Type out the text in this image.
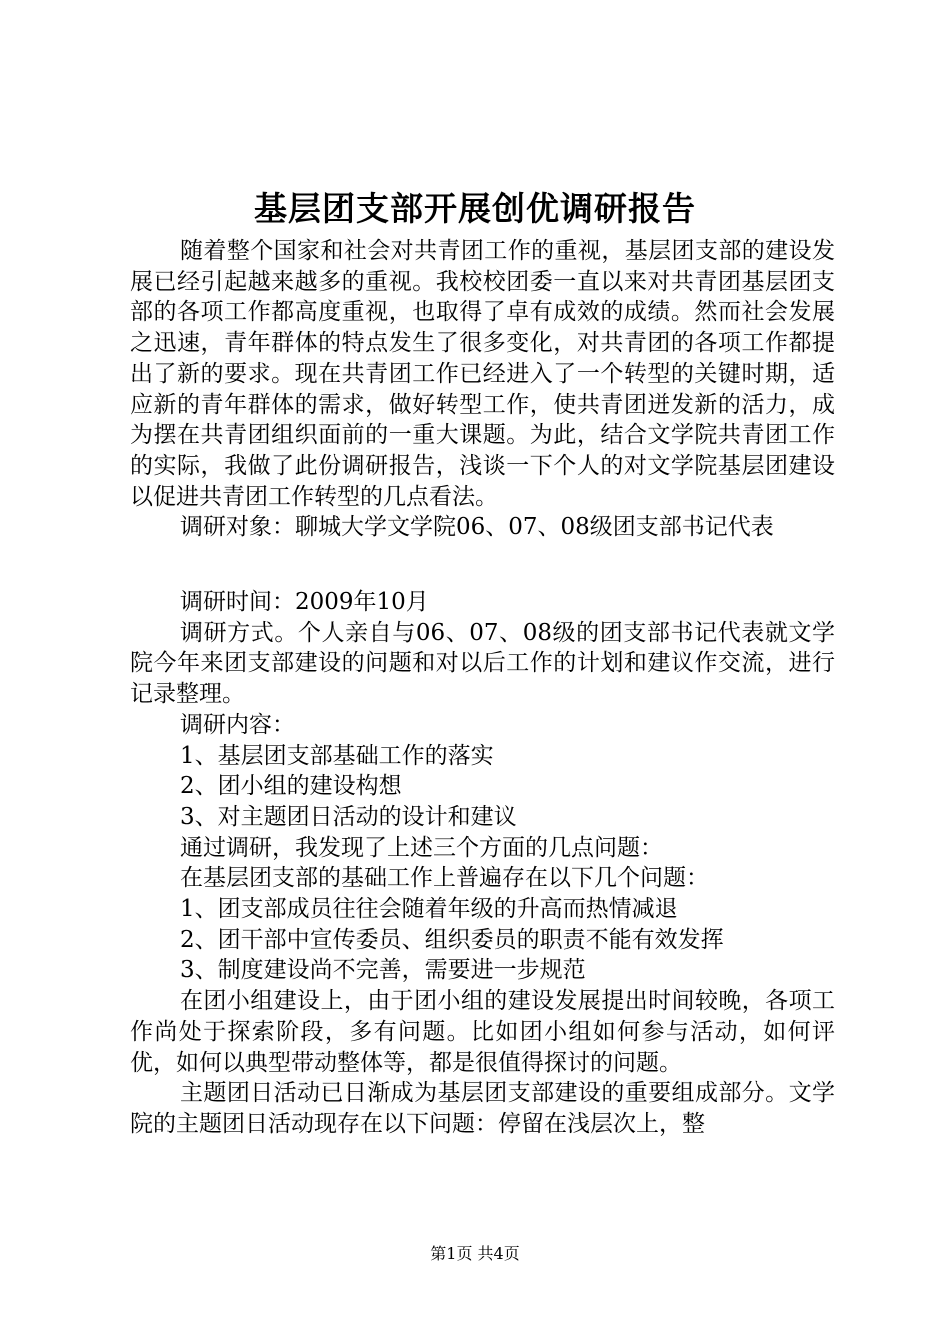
基层团支部开展创优调研报告

随着整个国家和社会对共青团工作的重视，基层团支部的建设发展已经引起越来越多的重视。我校校团委一直以来对共青团基层团支部的各项工作都高度重视，也取得了卓有成效的成绩。然而社会发展之迅速，青年群体的特点发生了很多变化，对共青团的各项工作都提出了新的要求。现在共青团工作已经进入了一个转型的关键时期，适应新的青年群体的需求，做好转型工作，使共青团迸发新的活力，成为摆在共青团组织面前的一重大课题。为此，结合文学院共青团工作的实际，我做了此份调研报告，浅谈一下个人的对文学院基层团建设以促进共青团工作转型的几点看法。

调研对象：聊城大学文学院06、07、08级团支部书记代表

调研时间：2009年10月

调研方式。个人亲自与06、07、08级的团支部书记代表就文学院今年来团支部建设的问题和对以后工作的计划和建议作交流，进行记录整理。

调研内容：

1、基层团支部基础工作的落实

2、团小组的建设构想

3、对主题团日活动的设计和建议

通过调研，我发现了上述三个方面的几点问题：

在基层团支部的基础工作上普遍存在以下几个问题：

1、团支部成员往往会随着年级的升高而热情减退

2、团干部中宣传委员、组织委员的职责不能有效发挥

3、制度建设尚不完善，需要进一步规范

在团小组建设上，由于团小组的建设发展提出时间较晚，各项工作尚处于探索阶段，多有问题。比如团小组如何参与活动，如何评优，如何以典型带动整体等，都是很值得探讨的问题。

主题团日活动已日渐成为基层团支部建设的重要组成部分。文学院的主题团日活动现存在以下问题：停留在浅层次上，整

第1页 共4页
